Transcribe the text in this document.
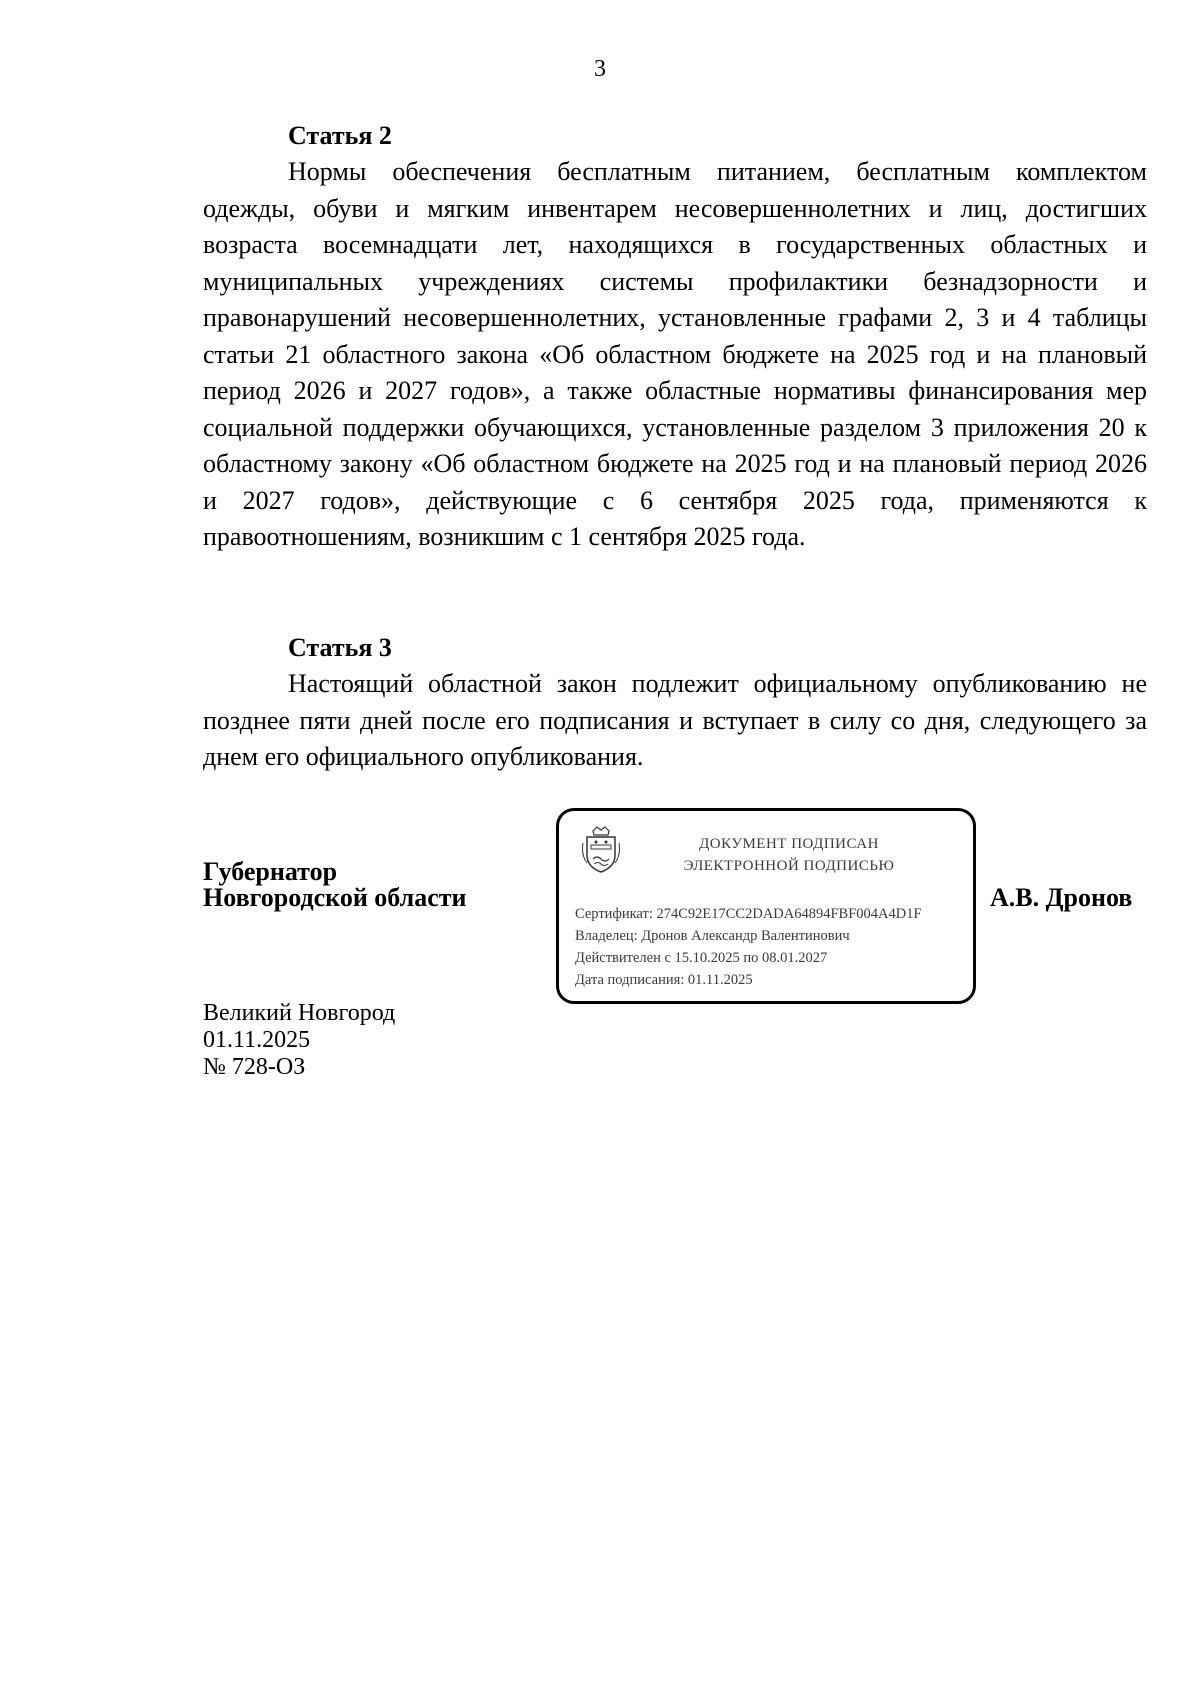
3

Статья 2

Нормы обеспечения бесплатным питанием, бесплатным комплектом одежды, обуви и мягким инвентарем несовершеннолетних и лиц, достигших возраста восемнадцати лет, находящихся в государственных областных и муниципальных учреждениях системы профилактики безнадзорности и правонарушений несовершеннолетних, установленные графами 2, 3 и 4 таблицы статьи 21 областного закона «Об областном бюджете на 2025 год и на плановый период 2026 и 2027 годов», а также областные нормативы финансирования мер социальной поддержки обучающихся, установленные разделом 3 приложения 20 к областному закону «Об областном бюджете на 2025 год и на плановый период 2026 и 2027 годов», действующие с 6 сентября 2025 года, применяются к правоотношениям, возникшим с 1 сентября 2025 года.

Статья 3

Настоящий областной закон подлежит официальному опубликованию не позднее пяти дней после его подписания и вступает в силу со дня, следующего за днем его официального опубликования.

Губернатор
Новгородской области
ДОКУМЕНТ ПОДПИСАН
ЭЛЕКТРОННОЙ ПОДПИСЬЮ
Сертификат: 274C92E17CC2DADA64894FBF004A4D1F
Владелец: Дронов Александр Валентинович
Действителен с 15.10.2025 по 08.01.2027
Дата подписания: 01.11.2025
А.В. Дронов
Великий Новгород
01.11.2025
№ 728-ОЗ
